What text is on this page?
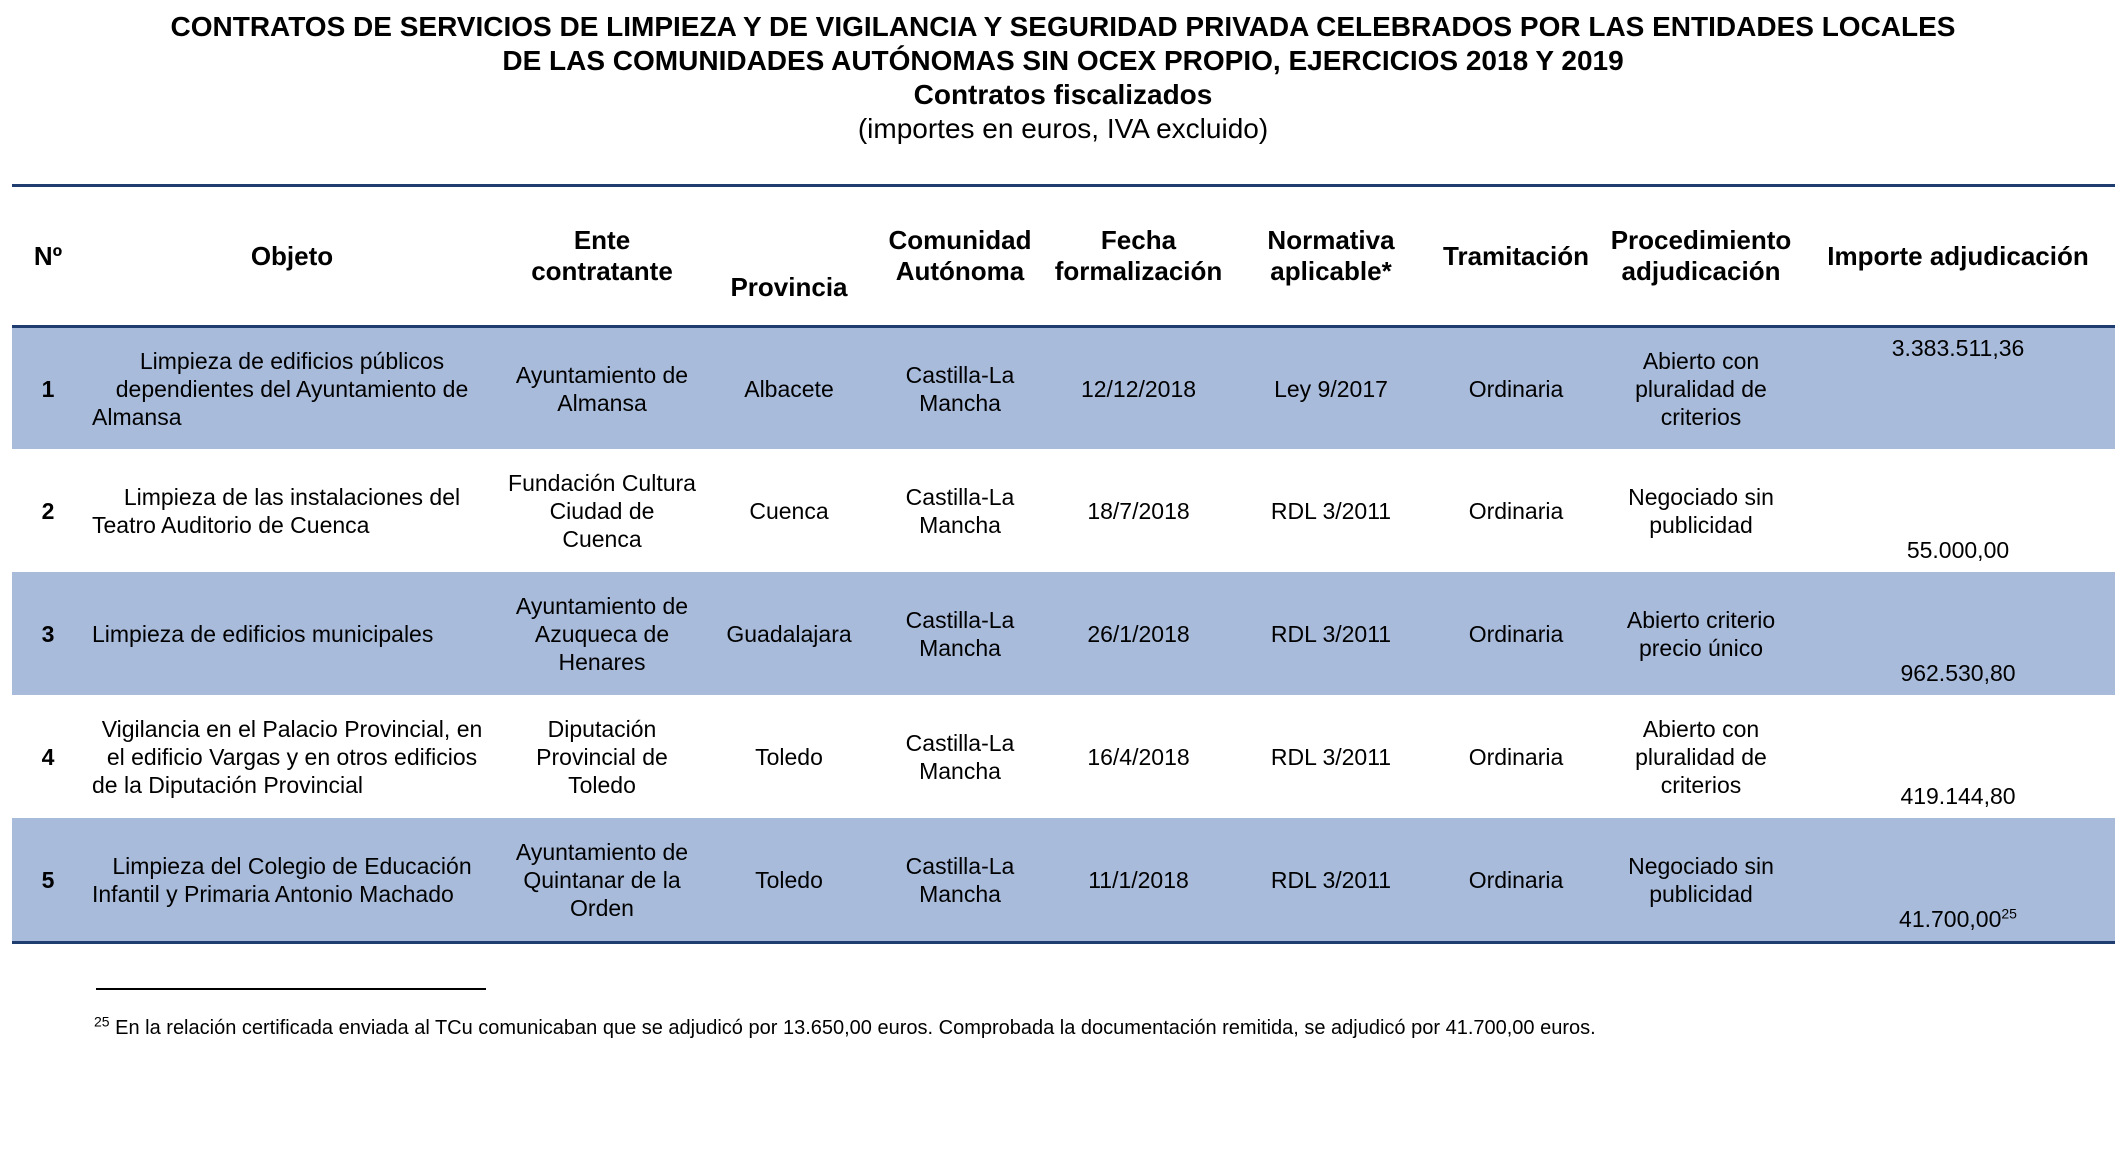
CONTRATOS DE SERVICIOS DE LIMPIEZA Y DE VIGILANCIA Y SEGURIDAD PRIVADA CELEBRADOS POR LAS ENTIDADES LOCALES
DE LAS COMUNIDADES AUTÓNOMAS SIN OCEX PROPIO, EJERCICIOS 2018 Y 2019
Contratos fiscalizados
(importes en euros, IVA excluido)
Nº	Objeto	Ente contratante	Provincia	Comunidad Autónoma	Fecha formalización	Normativa aplicable*	Tramitación	Procedimiento adjudicación	Importe adjudicación
1	Limpieza de edificios públicos dependientes del Ayuntamiento de Almansa	Ayuntamiento de Almansa	Albacete	Castilla-La Mancha	12/12/2018	Ley 9/2017	Ordinaria	Abierto con pluralidad de criterios	3.383.511,36
2	Limpieza de las instalaciones del Teatro Auditorio de Cuenca	Fundación Cultura Ciudad de Cuenca	Cuenca	Castilla-La Mancha	18/7/2018	RDL 3/2011	Ordinaria	Negociado sin publicidad	55.000,00
3	Limpieza de edificios municipales	Ayuntamiento de Azuqueca de Henares	Guadalajara	Castilla-La Mancha	26/1/2018	RDL 3/2011	Ordinaria	Abierto criterio precio único	962.530,80
4	Vigilancia en el Palacio Provincial, en el edificio Vargas y en otros edificios de la Diputación Provincial	Diputación Provincial de Toledo	Toledo	Castilla-La Mancha	16/4/2018	RDL 3/2011	Ordinaria	Abierto con pluralidad de criterios	419.144,80
5	Limpieza del Colegio de Educación Infantil y Primaria Antonio Machado	Ayuntamiento de Quintanar de la Orden	Toledo	Castilla-La Mancha	11/1/2018	RDL 3/2011	Ordinaria	Negociado sin publicidad	41.700,00$^{25}$
$^{25}$ En la relación certificada enviada al TCu comunicaban que se adjudicó por 13.650,00 euros. Comprobada la documentación remitida, se adjudicó por 41.700,00 euros.
